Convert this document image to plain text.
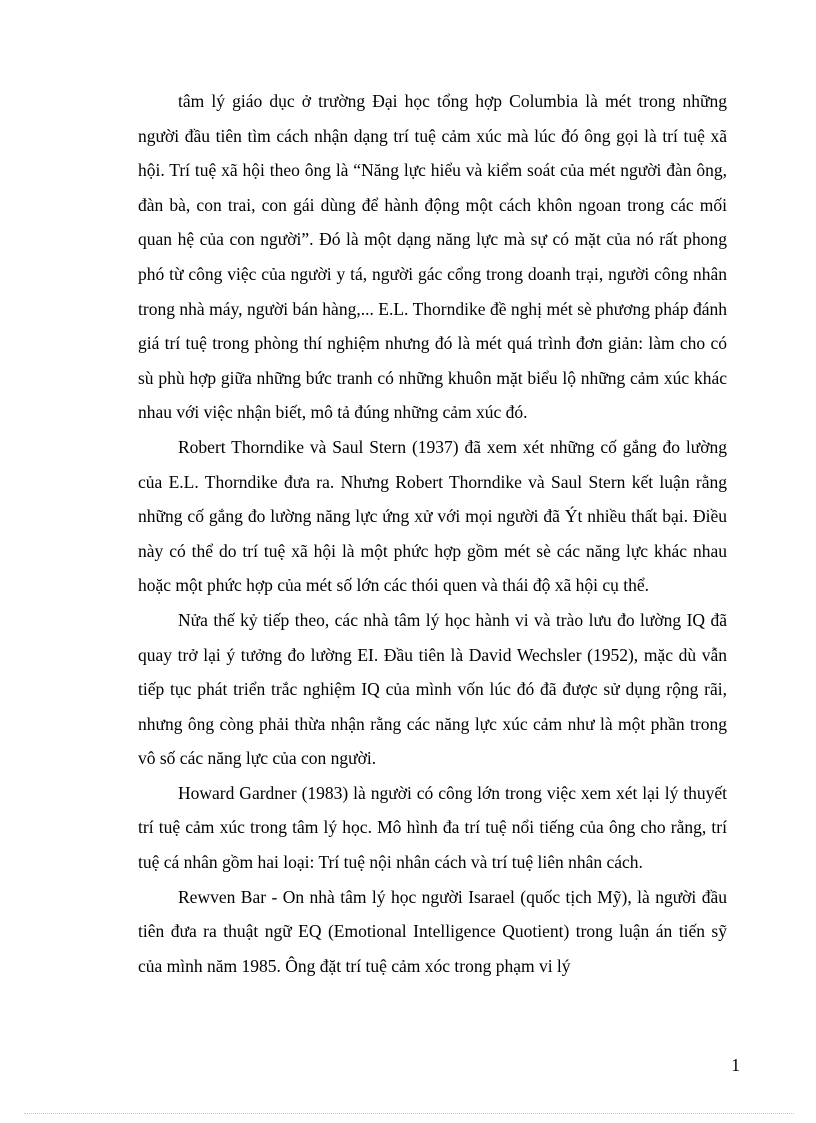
tâm lý giáo dục ở trường Đại học tổng hợp Columbia là mét trong những người đầu tiên tìm cách nhận dạng trí tuệ cảm xúc mà lúc đó ông gọi là trí tuệ xã hội. Trí tuệ xã hội theo ông là “Năng lực hiểu và kiểm soát của mét người đàn ông, đàn bà, con trai, con gái dùng để hành động một cách khôn ngoan trong các mối quan hệ của con người”. Đó là một dạng năng lực mà sự có mặt của nó rất phong phó từ công việc của người y tá, người gác cổng trong doanh trại, người công nhân trong nhà máy, người bán hàng,... E.L. Thorndike đề nghị mét sè phương pháp đánh giá trí tuệ trong phòng thí nghiệm nhưng đó là mét quá trình đơn giản: làm cho có sù phù hợp giữa những bức tranh có những khuôn mặt biểu lộ những cảm xúc khác nhau với việc nhận biết, mô tả đúng những cảm xúc đó.

Robert Thorndike và Saul Stern (1937) đã xem xét những cố gắng đo lường của E.L. Thorndike đưa ra. Nhưng Robert Thorndike và Saul Stern kết luận rằng những cố gắng đo lường năng lực ứng xử với mọi người đã Ýt nhiều thất bại. Điều này có thể do trí tuệ xã hội là một phức hợp gồm mét sè các năng lực khác nhau hoặc một phức hợp của mét số lớn các thói quen và thái độ xã hội cụ thể.

Nửa thế kỷ tiếp theo, các nhà tâm lý học hành vi và trào lưu đo lường IQ đã quay trở lại ý tưởng đo lường EI. Đầu tiên là David Wechsler (1952), mặc dù vẫn tiếp tục phát triển trắc nghiệm IQ của mình vốn lúc đó đã được sử dụng rộng rãi, nhưng ông còng phải thừa nhận rằng các năng lực xúc cảm như là một phần trong vô số các năng lực của con người.

Howard Gardner (1983) là người có công lớn trong việc xem xét lại lý thuyết trí tuệ cảm xúc trong tâm lý học. Mô hình đa trí tuệ nổi tiếng của ông cho rằng, trí tuệ cá nhân gồm hai loại: Trí tuệ nội nhân cách và trí tuệ liên nhân cách.

Rewven Bar - On nhà tâm lý học người Isarael (quốc tịch Mỹ), là người đầu tiên đưa ra thuật ngữ EQ (Emotional Intelligence Quotient) trong luận án tiến sỹ của mình năm 1985. Ông đặt trí tuệ cảm xóc trong phạm vi lý

1
